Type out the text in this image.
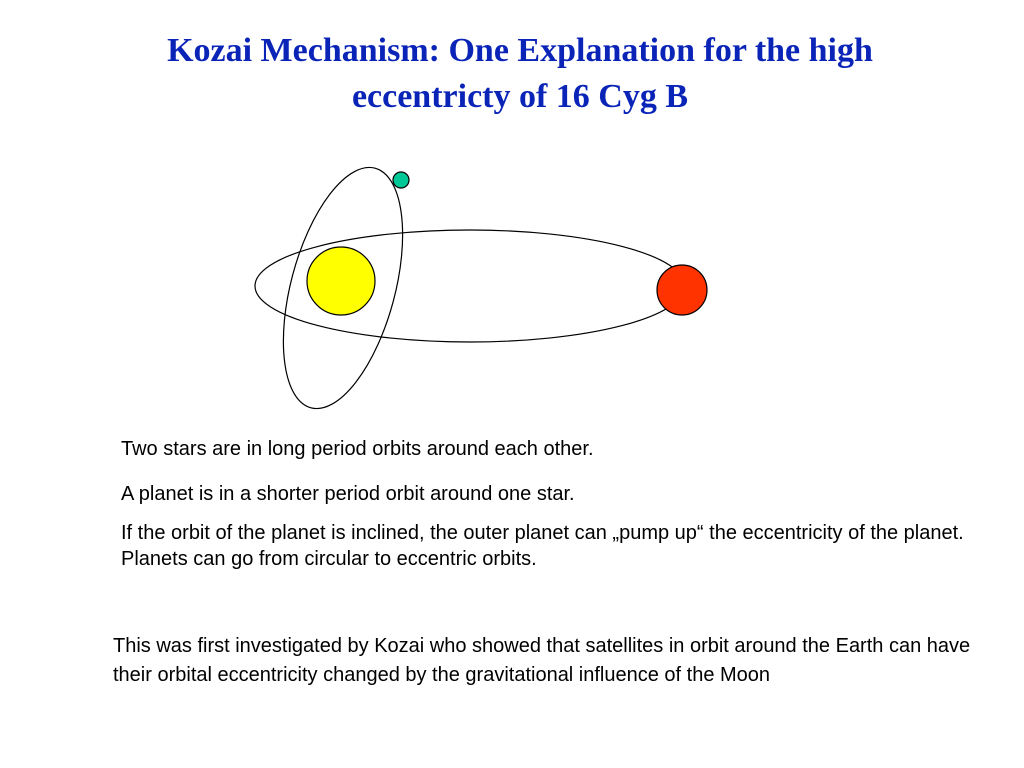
Kozai Mechanism: One Explanation for the high
eccentricty of 16 Cyg B

Two stars are in long period orbits around each other.

A planet is in a shorter period orbit around one star.

If the orbit of the planet is inclined, the outer planet can „pump up“ the eccentricity of the planet. Planets can go from circular to eccentric orbits.

This was first investigated by Kozai who showed that satellites in orbit around the Earth can have their orbital eccentricity changed by the gravitational influence of the Moon
